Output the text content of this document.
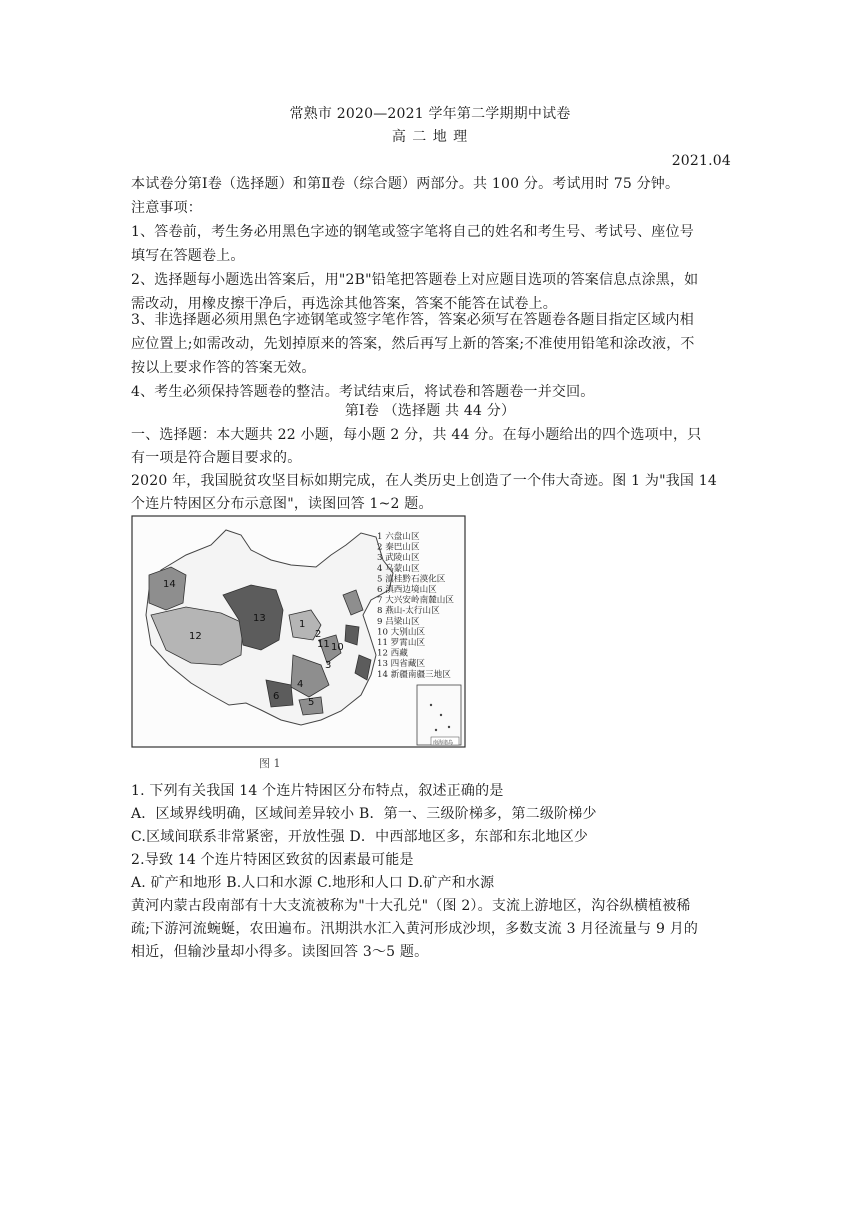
常熟市 2020—2021 学年第二学期期中试卷
高 二 地 理
2021.04
本试卷分第Ⅰ卷（选择题）和第Ⅱ卷（综合题）两部分。共 100 分。考试用时 75 分钟。
注意事项：
1、答卷前，考生务必用黑色字迹的钢笔或签字笔将自己的姓名和考生号、考试号、座位号
填写在答题卷上。
2、选择题每小题选出答案后，用"2B"铅笔把答题卷上对应题目选项的答案信息点涂黑，如
需改动，用橡皮擦干净后，再选涂其他答案，答案不能答在试卷上。
3、非选择题必须用黑色字迹钢笔或签字笔作答，答案必须写在答题卷各题目指定区域内相
应位置上;如需改动，先划掉原来的答案，然后再写上新的答案;不准使用铅笔和涂改液，不
按以上要求作答的答案无效。
4、考生必须保持答题卷的整洁。考试结束后，将试卷和答题卷一并交回。
第Ⅰ卷 （选择题 共 44 分）
一、选择题：本大题共 22 小题，每小题 2 分，共 44 分。在每小题给出的四个选项中，只
有一项是符合题目要求的。
2020 年，我国脱贫攻坚目标如期完成，在人类历史上创造了一个伟大奇迹。图 1 为"我国 14
个连片特困区分布示意图"，读图回答 1~2 题。
1 六盘山区
2 秦巴山区
3 武陵山区
4 乌蒙山区
5 滇桂黔石漠化区
6 滇西边境山区
7 大兴安岭南麓山区
8 燕山-太行山区
9 吕梁山区
10 大别山区
11 罗霄山区
12 西藏
13 四省藏区
14 新疆南疆三地区
14
12
13
1
2
3
4
5
6
10
11
南海诸岛
图 1
1. 下列有关我国 14 个连片特困区分布特点，叙述正确的是
A．区域界线明确，区域间差异较小 B．第一、三级阶梯多，第二级阶梯少
C.区域间联系非常紧密，开放性强 D．中西部地区多，东部和东北地区少
2.导致 14 个连片特困区致贫的因素最可能是
A. 矿产和地形 B.人口和水源 C.地形和人口 D.矿产和水源
黄河内蒙古段南部有十大支流被称为"十大孔兑"（图 2）。支流上游地区，沟谷纵横植被稀
疏;下游河流蜿蜒，农田遍布。汛期洪水汇入黄河形成沙坝，多数支流 3 月径流量与 9 月的
相近，但输沙量却小得多。读图回答 3～5 题。
